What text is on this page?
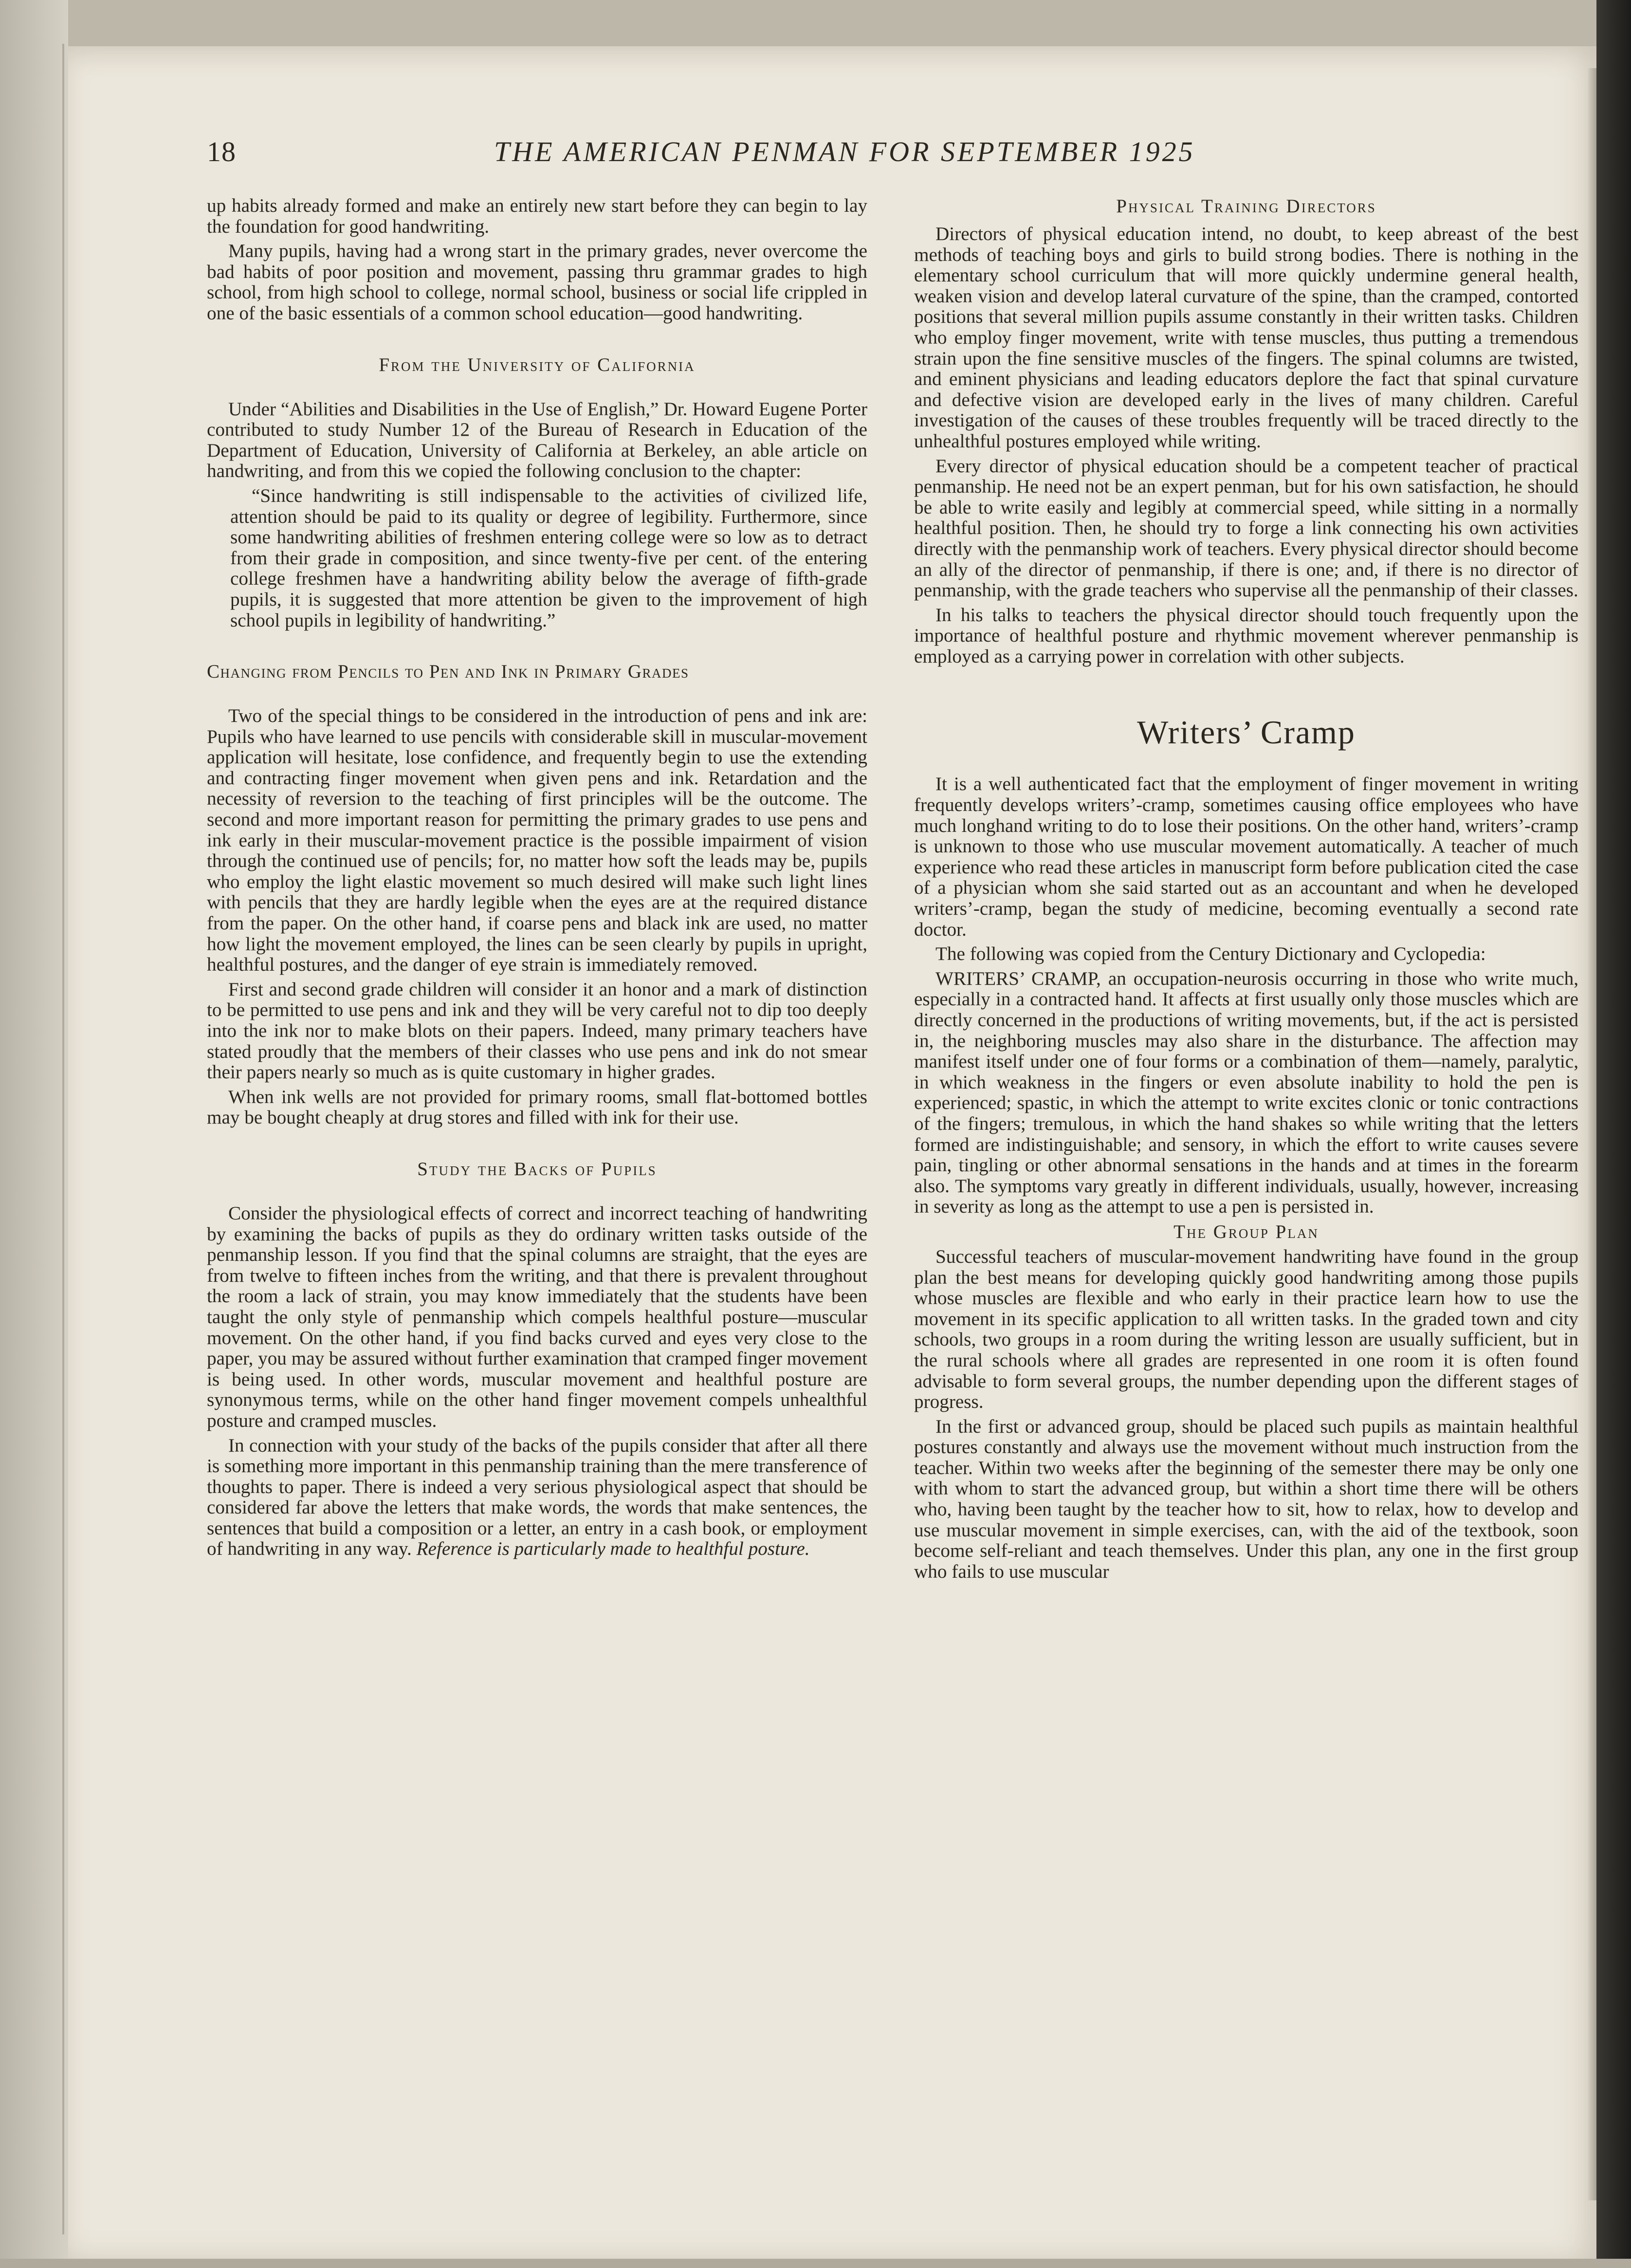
18	THE AMERICAN PENMAN FOR SEPTEMBER 1925

up habits already formed and make an entirely new start before they can begin to lay the foundation for good handwriting.

Many pupils, having had a wrong start in the primary grades, never overcome the bad habits of poor position and movement, passing thru grammar grades to high school, from high school to college, normal school, business or social life crippled in one of the basic essentials of a common school education—good handwriting.

From the University of California

Under “Abilities and Disabilities in the Use of English,” Dr. Howard Eugene Porter contributed to study Number 12 of the Bureau of Research in Education of the Department of Education, University of California at Berkeley, an able article on handwriting, and from this we copied the following conclusion to the chapter:

“Since handwriting is still indispensable to the activities of civilized life, attention should be paid to its quality or degree of legibility. Furthermore, since some handwriting abilities of freshmen entering college were so low as to detract from their grade in composition, and since twenty-five per cent. of the entering college freshmen have a handwriting ability below the average of fifth-grade pupils, it is suggested that more attention be given to the improvement of high school pupils in legibility of handwriting.”

Changing from Pencils to Pen and Ink in Primary Grades

Two of the special things to be considered in the introduction of pens and ink are: Pupils who have learned to use pencils with considerable skill in muscular-movement application will hesitate, lose confidence, and frequently begin to use the extending and contracting finger movement when given pens and ink. Retardation and the necessity of reversion to the teaching of first principles will be the outcome. The second and more important reason for permitting the primary grades to use pens and ink early in their muscular-movement practice is the possible impairment of vision through the continued use of pencils; for, no matter how soft the leads may be, pupils who employ the light elastic movement so much desired will make such light lines with pencils that they are hardly legible when the eyes are at the required distance from the paper. On the other hand, if coarse pens and black ink are used, no matter how light the movement employed, the lines can be seen clearly by pupils in upright, healthful postures, and the danger of eye strain is immediately removed.

First and second grade children will consider it an honor and a mark of distinction to be permitted to use pens and ink and they will be very careful not to dip too deeply into the ink nor to make blots on their papers. Indeed, many primary teachers have stated proudly that the members of their classes who use pens and ink do not smear their papers nearly so much as is quite customary in higher grades.

When ink wells are not provided for primary rooms, small flat-bottomed bottles may be bought cheaply at drug stores and filled with ink for their use.

Study the Backs of Pupils

Consider the physiological effects of correct and incorrect teaching of handwriting by examining the backs of pupils as they do ordinary written tasks outside of the penmanship lesson. If you find that the spinal columns are straight, that the eyes are from twelve to fifteen inches from the writing, and that there is prevalent throughout the room a lack of strain, you may know immediately that the students have been taught the only style of penmanship which compels healthful posture—muscular movement. On the other hand, if you find backs curved and eyes very close to the paper, you may be assured without further examination that cramped finger movement is being used. In other words, muscular movement and healthful posture are synonymous terms, while on the other hand finger movement compels unhealthful posture and cramped muscles.

In connection with your study of the backs of the pupils consider that after all there is something more important in this penmanship training than the mere transference of thoughts to paper. There is indeed a very serious physiological aspect that should be considered far above the letters that make words, the words that make sentences, the sentences that build a composition or a letter, an entry in a cash book, or employment of handwriting in any way. Reference is particularly made to healthful posture.

Physical Training Directors

Directors of physical education intend, no doubt, to keep abreast of the best methods of teaching boys and girls to build strong bodies. There is nothing in the elementary school curriculum that will more quickly undermine general health, weaken vision and develop lateral curvature of the spine, than the cramped, contorted positions that several million pupils assume constantly in their written tasks. Children who employ finger movement, write with tense muscles, thus putting a tremendous strain upon the fine sensitive muscles of the fingers. The spinal columns are twisted, and eminent physicians and leading educators deplore the fact that spinal curvature and defective vision are developed early in the lives of many children. Careful investigation of the causes of these troubles frequently will be traced directly to the unhealthful postures employed while writing.

Every director of physical education should be a competent teacher of practical penmanship. He need not be an expert penman, but for his own satisfaction, he should be able to write easily and legibly at commercial speed, while sitting in a normally healthful position. Then, he should try to forge a link connecting his own activities directly with the penmanship work of teachers. Every physical director should become an ally of the director of penmanship, if there is one; and, if there is no director of penmanship, with the grade teachers who supervise all the penmanship of their classes.

In his talks to teachers the physical director should touch frequently upon the importance of healthful posture and rhythmic movement wherever penmanship is employed as a carrying power in correlation with other subjects.

Writers’ Cramp

It is a well authenticated fact that the employment of finger movement in writing frequently develops writers’-cramp, sometimes causing office employees who have much longhand writing to do to lose their positions. On the other hand, writers’-cramp is unknown to those who use muscular movement automatically. A teacher of much experience who read these articles in manuscript form before publication cited the case of a physician whom she said started out as an accountant and when he developed writers’-cramp, began the study of medicine, becoming eventually a second rate doctor.

The following was copied from the Century Dictionary and Cyclopedia:

WRITERS’ CRAMP, an occupation-neurosis occurring in those who write much, especially in a contracted hand. It affects at first usually only those muscles which are directly concerned in the productions of writing movements, but, if the act is persisted in, the neighboring muscles may also share in the disturbance. The affection may manifest itself under one of four forms or a combination of them—namely, paralytic, in which weakness in the fingers or even absolute inability to hold the pen is experienced; spastic, in which the attempt to write excites clonic or tonic contractions of the fingers; tremulous, in which the hand shakes so while writing that the letters formed are indistinguishable; and sensory, in which the effort to write causes severe pain, tingling or other abnormal sensations in the hands and at times in the forearm also. The symptoms vary greatly in different individuals, usually, however, increasing in severity as long as the attempt to use a pen is persisted in.

The Group Plan

Successful teachers of muscular-movement handwriting have found in the group plan the best means for developing quickly good handwriting among those pupils whose muscles are flexible and who early in their practice learn how to use the movement in its specific application to all written tasks. In the graded town and city schools, two groups in a room during the writing lesson are usually sufficient, but in the rural schools where all grades are represented in one room it is often found advisable to form several groups, the number depending upon the different stages of progress.

In the first or advanced group, should be placed such pupils as maintain healthful postures constantly and always use the movement without much instruction from the teacher. Within two weeks after the beginning of the semester there may be only one with whom to start the advanced group, but within a short time there will be others who, having been taught by the teacher how to sit, how to relax, how to develop and use muscular movement in simple exercises, can, with the aid of the textbook, soon become self-reliant and teach themselves. Under this plan, any one in the first group who fails to use muscular
